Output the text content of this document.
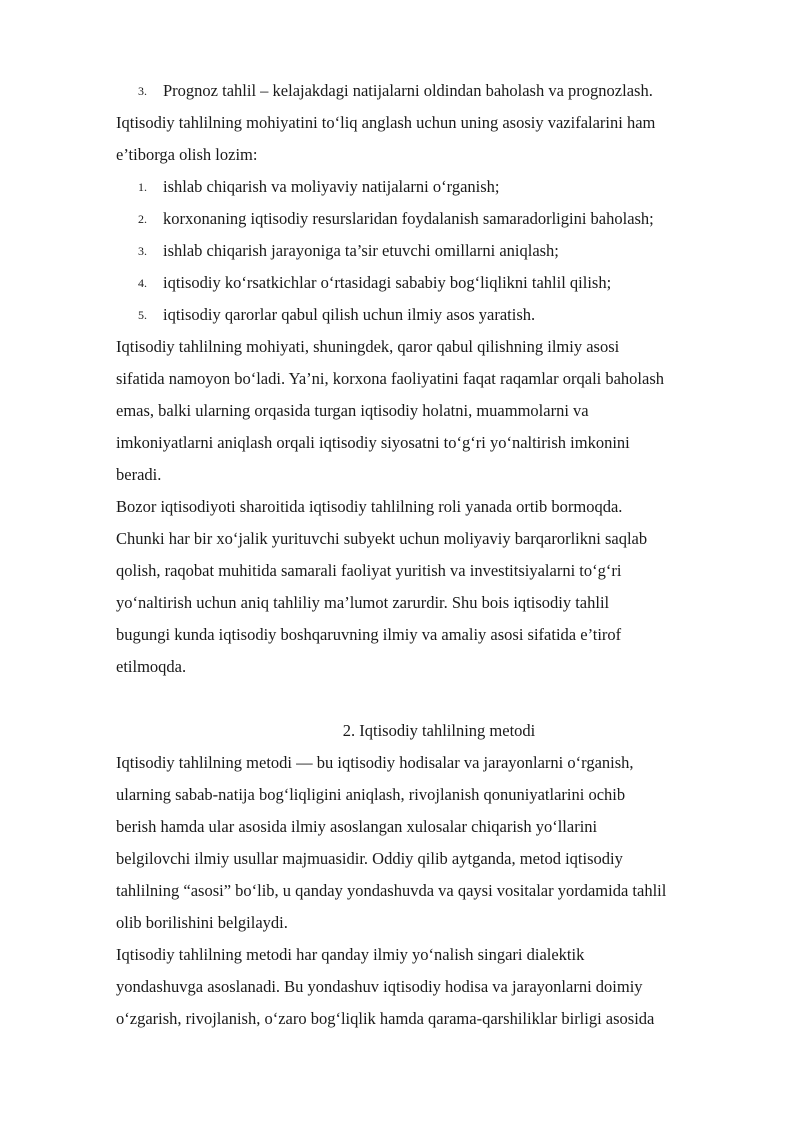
3. Prognoz tahlil – kelajakdagi natijalarni oldindan baholash va prognozlash.
Iqtisodiy tahlilning mohiyatini to‘liq anglash uchun uning asosiy vazifalarini ham
e’tiborga olish lozim:
1. ishlab chiqarish va moliyaviy natijalarni o‘rganish;
2. korxonaning iqtisodiy resurslaridan foydalanish samaradorligini baholash;
3. ishlab chiqarish jarayoniga ta’sir etuvchi omillarni aniqlash;
4. iqtisodiy ko‘rsatkichlar o‘rtasidagi sababiy bog‘liqlikni tahlil qilish;
5. iqtisodiy qarorlar qabul qilish uchun ilmiy asos yaratish.
Iqtisodiy tahlilning mohiyati, shuningdek, qaror qabul qilishning ilmiy asosi
sifatida namoyon bo‘ladi. Ya’ni, korxona faoliyatini faqat raqamlar orqali baholash
emas, balki ularning orqasida turgan iqtisodiy holatni, muammolarni va
imkoniyatlarni aniqlash orqali iqtisodiy siyosatni to‘g‘ri yo‘naltirish imkonini
beradi.
Bozor iqtisodiyoti sharoitida iqtisodiy tahlilning roli yanada ortib bormoqda.
Chunki har bir xo‘jalik yurituvchi subyekt uchun moliyaviy barqarorlikni saqlab
qolish, raqobat muhitida samarali faoliyat yuritish va investitsiyalarni to‘g‘ri
yo‘naltirish uchun aniq tahliliy ma’lumot zarurdir. Shu bois iqtisodiy tahlil
bugungi kunda iqtisodiy boshqaruvning ilmiy va amaliy asosi sifatida e’tirof
etilmoqda.
2. Iqtisodiy tahlilning metodi
Iqtisodiy tahlilning metodi — bu iqtisodiy hodisalar va jarayonlarni o‘rganish,
ularning sabab-natija bog‘liqligini aniqlash, rivojlanish qonuniyatlarini ochib
berish hamda ular asosida ilmiy asoslangan xulosalar chiqarish yo‘llarini
belgilovchi ilmiy usullar majmuasidir. Oddiy qilib aytganda, metod iqtisodiy
tahlilning “asosi” bo‘lib, u qanday yondashuvda va qaysi vositalar yordamida tahlil
olib borilishini belgilaydi.
Iqtisodiy tahlilning metodi har qanday ilmiy yo‘nalish singari dialektik
yondashuvga asoslanadi. Bu yondashuv iqtisodiy hodisa va jarayonlarni doimiy
o‘zgarish, rivojlanish, o‘zaro bog‘liqlik hamda qarama-qarshiliklar birligi asosida
